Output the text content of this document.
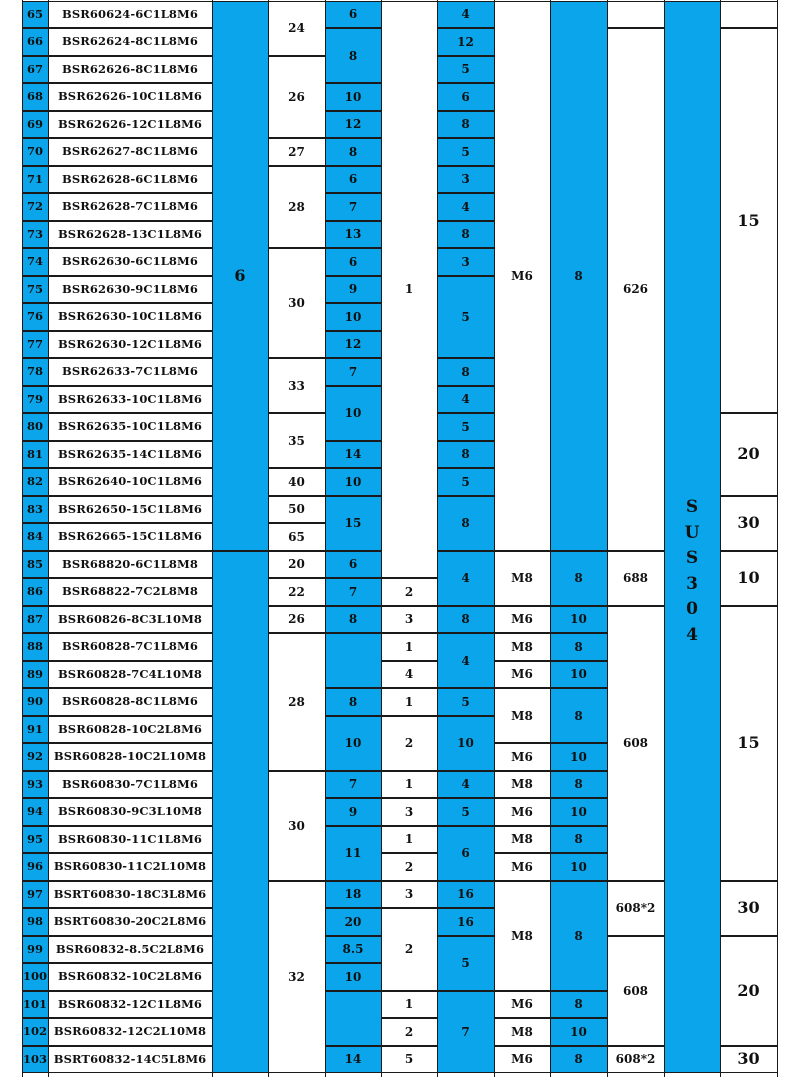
65
66
67
68
69
70
71
72
73
74
75
76
77
78
79
80
81
82
83
84
85
86
87
88
89
90
91
92
93
94
95
96
97
98
99
100
101
102
103
BSR60624-6C1L8M6
BSR62624-8C1L8M6
BSR62626-8C1L8M6
BSR62626-10C1L8M6
BSR62626-12C1L8M6
BSR62627-8C1L8M6
BSR62628-6C1L8M6
BSR62628-7C1L8M6
BSR62628-13C1L8M6
BSR62630-6C1L8M6
BSR62630-9C1L8M6
BSR62630-10C1L8M6
BSR62630-12C1L8M6
BSR62633-7C1L8M6
BSR62633-10C1L8M6
BSR62635-10C1L8M6
BSR62635-14C1L8M6
BSR62640-10C1L8M6
BSR62650-15C1L8M6
BSR62665-15C1L8M6
BSR68820-6C1L8M8
BSR68822-7C2L8M8
BSR60826-8C3L10M8
BSR60828-7C1L8M6
BSR60828-7C4L10M8
BSR60828-8C1L8M6
BSR60828-10C2L8M6
BSR60828-10C2L10M8
BSR60830-7C1L8M6
BSR60830-9C3L10M8
BSR60830-11C1L8M6
BSR60830-11C2L10M8
BSRT60830-18C3L8M6
BSRT60830-20C2L8M6
BSR60832-8.5C2L8M6
BSR60832-10C2L8M6
BSR60832-12C1L8M6
BSR60832-12C2L10M8
BSRT60832-14C5L8M6
6
24
26
27
28
30
33
35
40
50
65
20
22
26
28
30
32
6
8
10
12
8
6
7
13
6
9
10
12
7
10
14
10
15
6
7
8
8
10
7
9
11
18
20
8.5
10
14
1
2
3
1
4
1
2
1
3
1
2
3
2
1
2
5
4
12
5
6
8
5
3
4
8
3
5
8
4
5
8
5
8
4
8
4
5
10
4
5
6
16
16
5
7
M6
M8
M6
M8
M6
M8
M6
M8
M6
M8
M6
M8
M6
M8
M6
8
8
10
8
10
8
10
8
10
8
10
8
8
10
8
626
688
608
608*2
608
608*2
S
U
S
3
0
4
15
20
30
10
15
30
20
30
